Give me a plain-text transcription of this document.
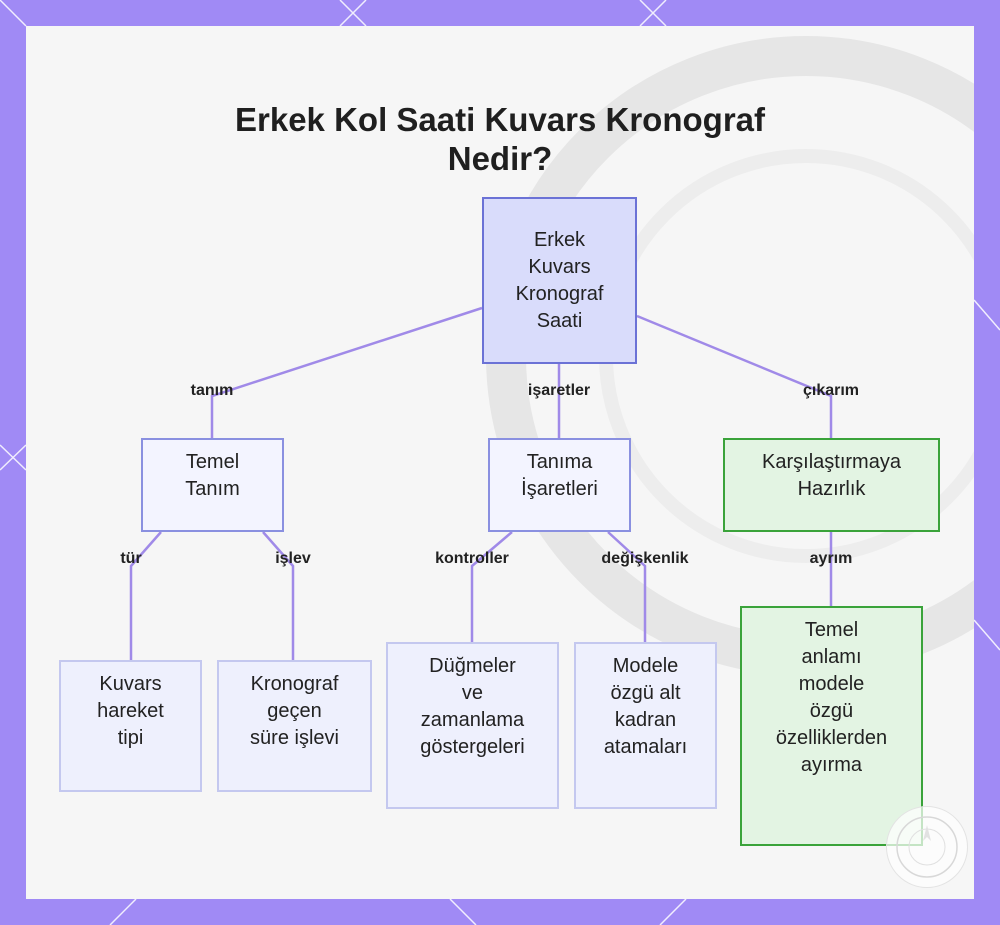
Erkek Kol Saati Kuvars Kronograf
Nedir?
Erkek
Kuvars
Kronograf
Saati
Temel
Tanım
Tanıma
İşaretleri
Karşılaştırmaya
Hazırlık
Kuvars
hareket
tipi
Kronograf
geçen
süre işlevi
Düğmeler
ve
zamanlama
göstergeleri
Modele
özgü alt
kadran
atamaları
Temel
anlamı
modele
özgü
özelliklerden
ayırma
tanım	işaretler	çıkarım
tür	işlev	kontroller	değişkenlik	ayrım
